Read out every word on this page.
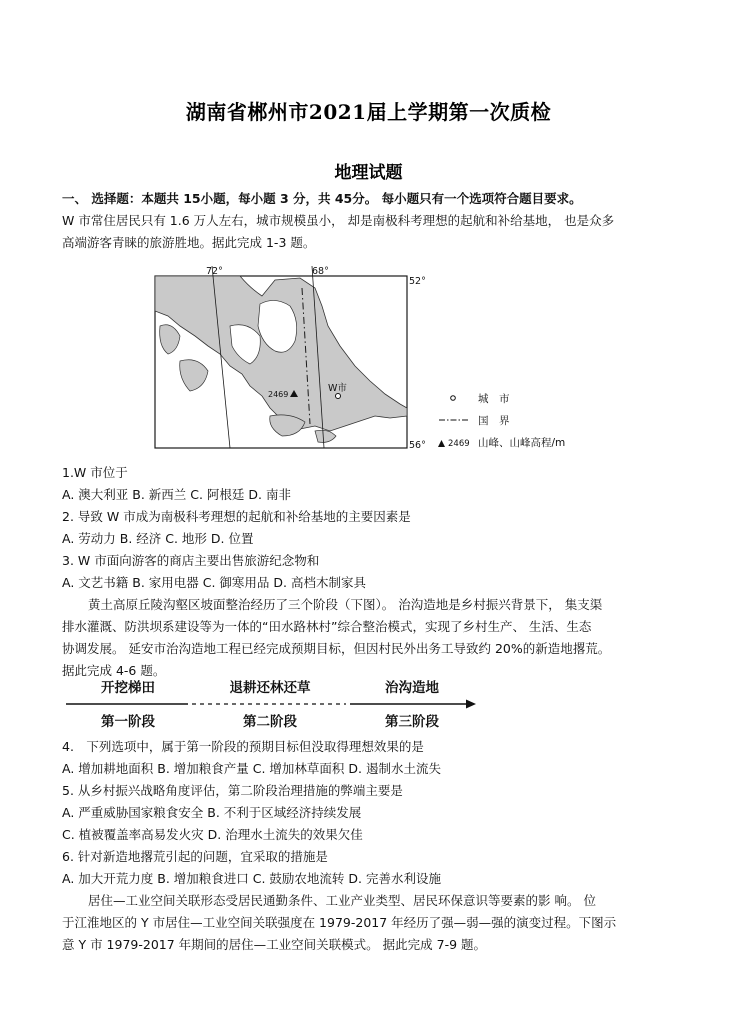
湖南省郴州市2021届上学期第一次质检
地理试题
一、 选择题：本题共 15小题，每小题 3 分，共 45分。 每小题只有一个选项符合题目要求。
W 市常住居民只有 1.6 万人左右，城市规模虽小， 却是南极科考理想的起航和补给基地， 也是众多
高端游客青睐的旅游胜地。据此完成 1-3 题。
W市
2469
72°	68°
52°
56°
城　市
国　界
2469 山峰、山峰高程/m
1.W 市位于
A. 澳大利亚 B. 新西兰 C. 阿根廷 D. 南非
2. 导致 W 市成为南极科考理想的起航和补给基地的主要因素是
A. 劳动力 B. 经济 C. 地形 D. 位置
3. W 市面向游客的商店主要出售旅游纪念物和
A. 文艺书籍 B. 家用电器 C. 御寒用品 D. 高档木制家具
黄土高原丘陵沟壑区坡面整治经历了三个阶段（下图）。 治沟造地是乡村振兴背景下， 集支渠
排水灌溉、防洪坝系建设等为一体的“田水路林村”综合整治模式，实现了乡村生产、 生活、生态
协调发展。 延安市治沟造地工程已经完成预期目标，但因村民外出务工导致约 20%的新造地撂荒。
据此完成 4-6 题。
开挖梯田	退耕还林还草	治沟造地
第一阶段	第二阶段	第三阶段
4.　下列选项中，属于第一阶段的预期目标但没取得理想效果的是
A. 增加耕地面积 B. 增加粮食产量 C. 增加林草面积 D. 遏制水土流失
5. 从乡村振兴战略角度评估，第二阶段治理措施的弊端主要是
A. 严重威胁国家粮食安全 B. 不利于区域经济持续发展
C. 植被覆盖率高易发火灾 D. 治理水土流失的效果欠佳
6. 针对新造地撂荒引起的问题，宜采取的措施是
A. 加大开荒力度 B. 增加粮食进口 C. 鼓励农地流转 D. 完善水利设施
居住—工业空间关联形态受居民通勤条件、工业产业类型、居民环保意识等要素的影 响。 位
于江淮地区的 Y 市居住—工业空间关联强度在 1979-2017 年经历了强—弱—强的演变过程。下图示
意 Y 市 1979-2017 年期间的居住—工业空间关联模式。 据此完成 7-9 题。
